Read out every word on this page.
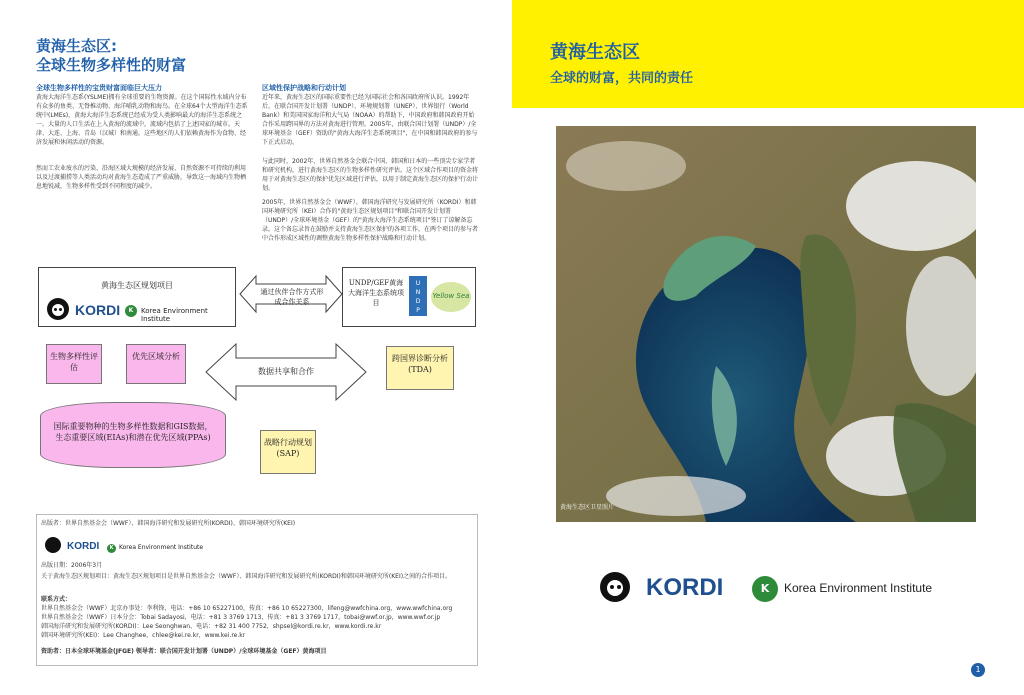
黄海生态区:
全球生物多样性的财富
全球生物多样性的宝贵财富面临巨大压力
黄海大海洋生态系(YSLME)拥有全球重要的生物资源。在这个国际性水域内分布有众多的鱼类、无脊椎动物、海洋哺乳动物和海鸟。在全球64个大型海洋生态系统中(LMEs)，黄海大海洋生态系统已经成为受人类影响最大的海洋生态系统之一。大量的人口生活在上入黄海的流域中，流域内包括了上述国家的城市。天津、大连、上海、青岛（汉城）和南通。这些地区的人们依赖黄海作为食物、经济发展和休闲活动的资源。
然而工农业废水的污染、沿海区域大规模的经济发展、自然资源不可持续的利用以及过渡捕捞等人类活动均对黄海生态造成了严重威胁，导致这一海域内生物栖息地锐减，生物多样性受到不同程度的减少。
区域性保护战略和行动计划
近年来，黄海生态区的国际重要性已经为国际社会和各国政府所认识。1992年后，在联合国开发计划署（UNDP）、环境规划署（UNEP）、世界银行（World Bank）和美国国家海洋和大气局（NOAA）的帮助下，中国政府和韩国政府开始合作采用跨国界的方法对黄海进行管理。2005年，由联合国计划署（UNDP）/全球环境基金（GEF）资助的"黄海大海洋生态系统项目"，在中国和韩国政府的参与下正式启动。
与此同时，2002年，世界自然基金会联合中国、韩国和日本的一些顶尖专家学者和研究机构，进行黄海生态区的生物多样性研究评估。这个区域合作项目的资金将用于对黄海生态区的保护优先区域进行评估，以用于制定黄海生态区的保护行动计划。
2005年，世界自然基金会（WWF）、韩国海洋研究与发展研究所（KORDI）和韩国环境研究所（KEI）合作的"黄海生态区规划项目"和联合国开发计划署（UNDP）/全球环境基金（GEF）的"黄海大海洋生态系统项目"签订了谅解备忘录。这个备忘录旨在鼓励并支持黄海生态区保护的各项工作，在两个项目的参与者中合作形成区域性的调整黄海生物多样性保护战略和行动计划。
黄海生态区规划项目
KORDI	K	Korea Environment Institute
通过伙伴合作方式形成合作关系
UNDP/GEF黄海大海洋生态系统项目
U
N
D
P
Yellow Sea
生物多样性评估
优先区域分析
数据共享和合作
跨国界诊断分析(TDA)
国际重要物种的生物多样性数据和GIS数据，生态重要区域(EIAs)和潜在优先区域(PPAs)
战略行动规划(SAP)
出版者：世界自然基金会（WWF）、韩国海洋研究和发展研究所(KORDI)、韩国环境研究所(KEI)
KORDI	K Korea Environment Institute
出版日期：2006年3月
关于黄海生态区规划项目：黄海生态区规划项目是世界自然基金会（WWF）、韩国海洋研究和发展研究所(KORDI)和韩国环境研究所(KEI)之间的合作项目。
联系方式：
世界自然基金会（WWF）北京办事处：李利锋，电话：+86 10 65227100，传真：+86 10 65227300，lifeng@wwfchina.org，www.wwfchina.org
世界自然基金会（WWF）日本分会：Tobai Sadayosi，电话：+81 3 3769 1713，传真：+81 3 3769 1717，tobai@wwf.or.jp，www.wwf.or.jp
韩国海洋研究和发展研究所(KORDI)：Lee Seonghwan，电话：+82 31 400 7752，shpsel@kordi.re.kr，www.kordi.re.kr
韩国环境研究所(KEI)：Lee Changhee，chlee@kei.re.kr，www.kei.re.kr
资助者：日本全球环境基金(JFGE) 领导者：联合国开发计划署（UNDP）/全球环境基金（GEF）黄海项目
黄海生态区
全球的财富，共同的责任
黄海生态区卫星照片
KORDI	K	Korea Environment Institute
1
